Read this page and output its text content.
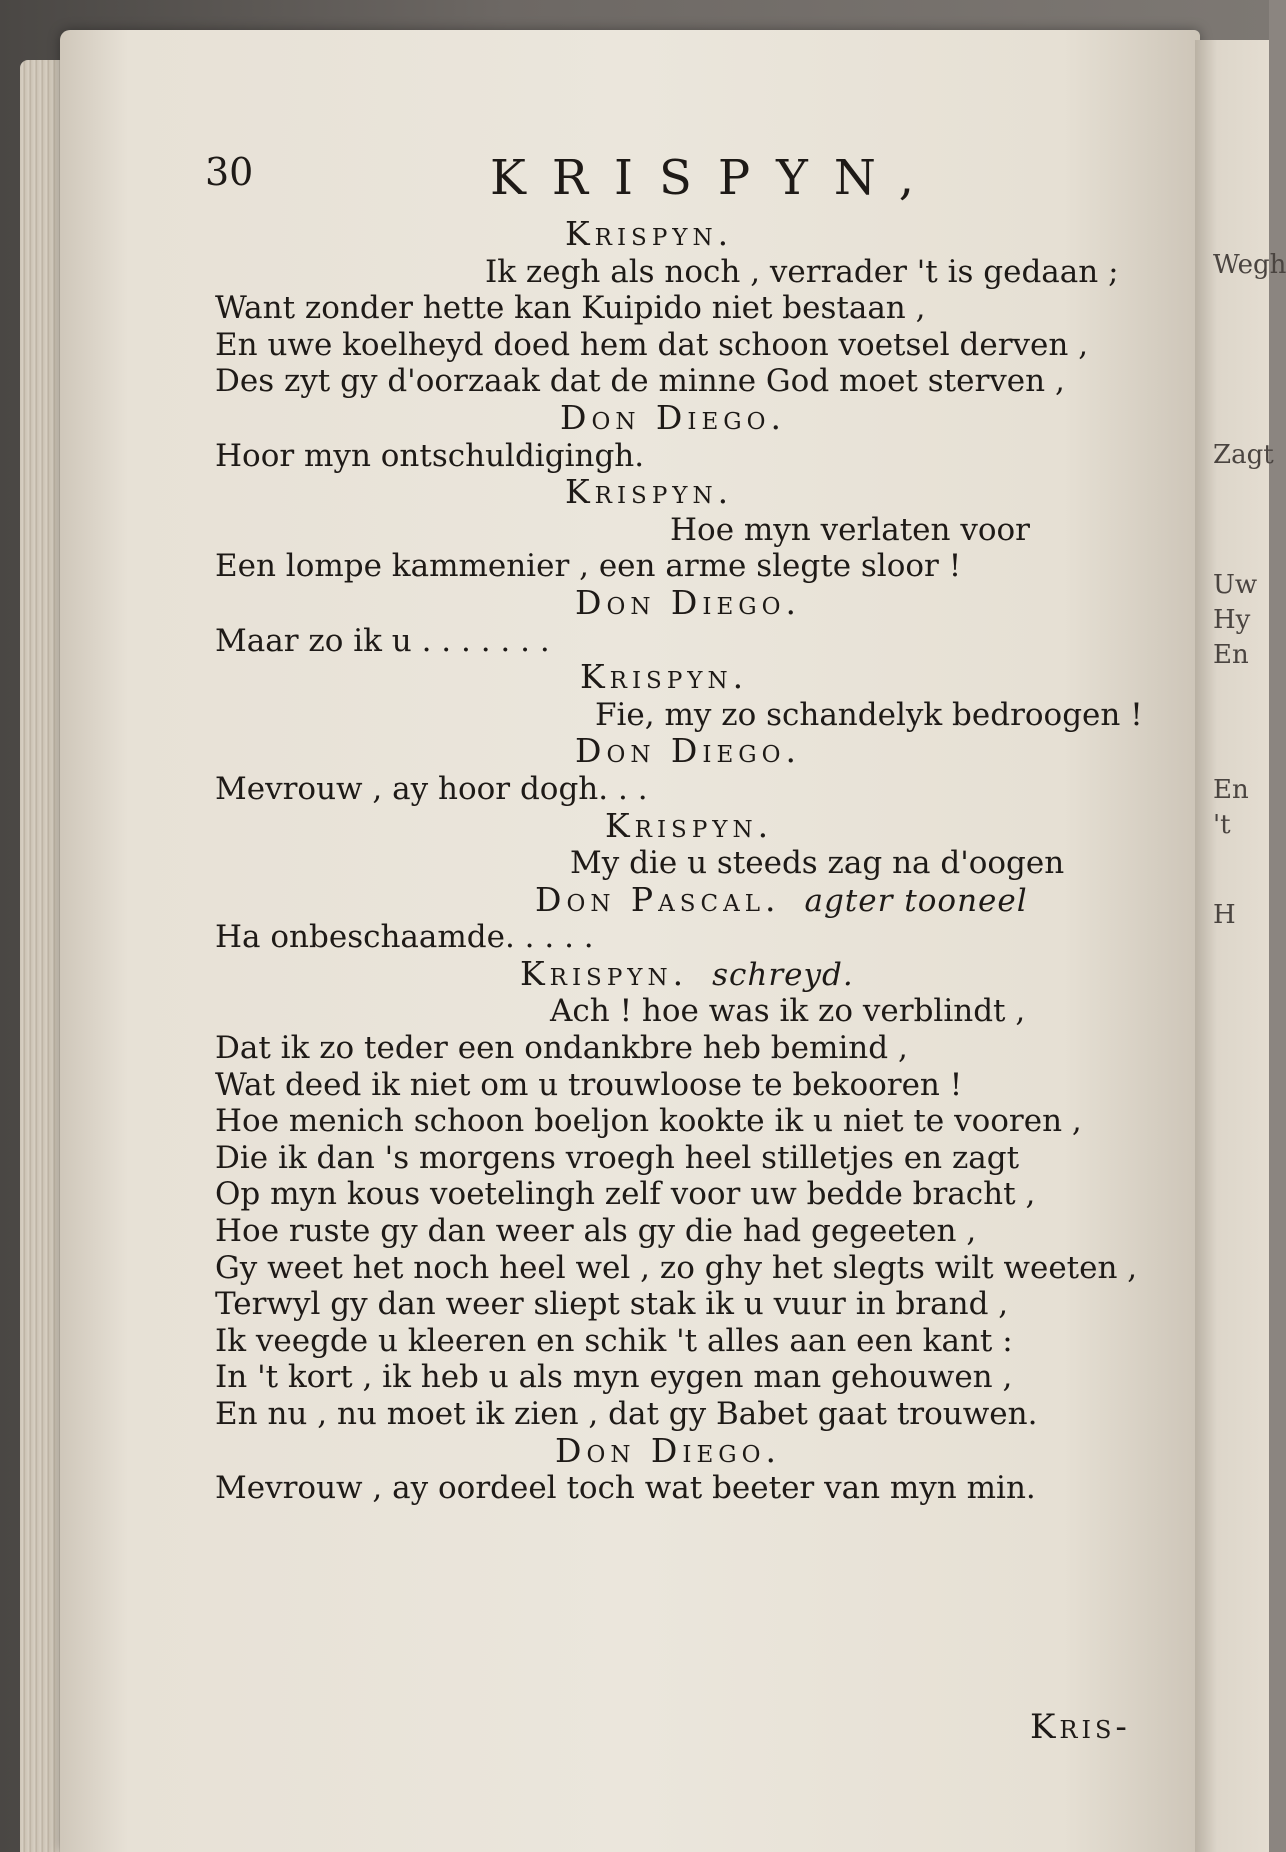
Wegh
Zagt
Uw
Hy
En
En
't
H
30	KRISPYN,
Krispyn.
Ik zegh als noch , verrader 't is gedaan ;
Want zonder hette kan Kuipido niet bestaan ,
En uwe koelheyd doed hem dat schoon voetsel derven ,
Des zyt gy d'oorzaak dat de minne God moet sterven ,
Don Diego.
Hoor myn ontschuldigingh.
Krispyn.
Hoe myn verlaten voor
Een lompe kammenier , een arme slegte sloor !
Don Diego.
Maar zo ik u . . . . . . .
Krispyn.
Fie, my zo schandelyk bedroogen !
Don Diego.
Mevrouw , ay hoor dogh. . .
Krispyn.
My die u steeds zag na d'oogen
Don Pascal. agter tooneel
Ha onbeschaamde. . . . .
Krispyn. schreyd.
Ach ! hoe was ik zo verblindt ,
Dat ik zo teder een ondankbre heb bemind ,
Wat deed ik niet om u trouwloose te bekooren !
Hoe menich schoon boeljon kookte ik u niet te vooren ,
Die ik dan 's morgens vroegh heel stilletjes en zagt
Op myn kous voetelingh zelf voor uw bedde bracht ,
Hoe ruste gy dan weer als gy die had gegeeten ,
Gy weet het noch heel wel , zo ghy het slegts wilt weeten ,
Terwyl gy dan weer sliept stak ik u vuur in brand ,
Ik veegde u kleeren en schik 't alles aan een kant :
In 't kort , ik heb u als myn eygen man gehouwen ,
En nu , nu moet ik zien , dat gy Babet gaat trouwen.
Don Diego.
Mevrouw , ay oordeel toch wat beeter van myn min.
Kris-
